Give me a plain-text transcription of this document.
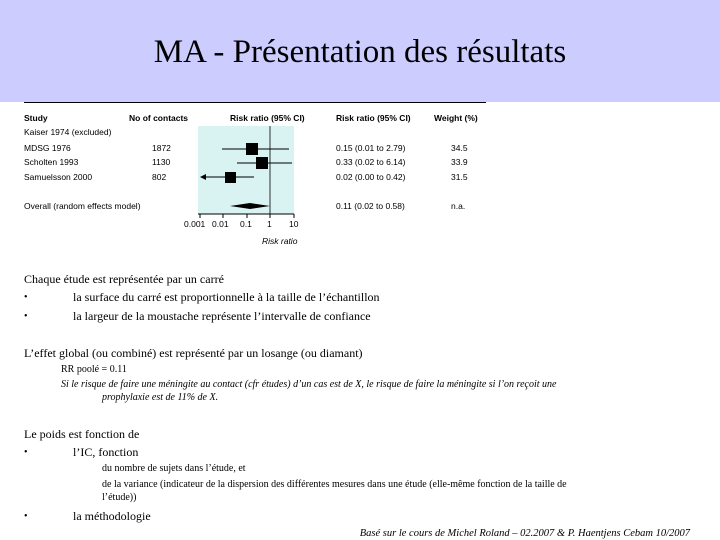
MA - Présentation des résultats
Study	No of contacts	Risk ratio (95% CI)	Risk ratio (95% CI)	Weight (%)
Kaiser 1974 (excluded)
MDSG 1976	1872	0.15 (0.01 to 2.79)	34.5
Scholten 1993	1130	0.33 (0.02 to 6.14)	33.9
Samuelsson 2000	802	0.02 (0.00 to 0.42)	31.5
Overall (random effects model)	0.11 (0.02 to 0.58)	n.a.
0.001 0.01 0.1 1 10
Risk ratio
Chaque étude est représentée par un carré
•	la surface du carré est proportionnelle à la taille de l’échantillon
•	la largeur de la moustache représente l’intervalle de confiance
L’effet global (ou combiné) est représenté par un losange (ou diamant)
RR poolé = 0.11
Si le risque de faire une méningite au contact (cfr études) d’un cas est de X, le risque de faire la méningite si l’on reçoit une
prophylaxie est de 11% de X.
Le poids est fonction de
•	l’IC, fonction
du nombre de sujets dans l’étude, et
de la variance (indicateur de la dispersion des différentes mesures dans une étude (elle-même fonction de la taille de
l’étude))
•	la méthodologie
Basé sur le cours de Michel Roland – 02.2007 & P. Haentjens Cebam 10/2007
